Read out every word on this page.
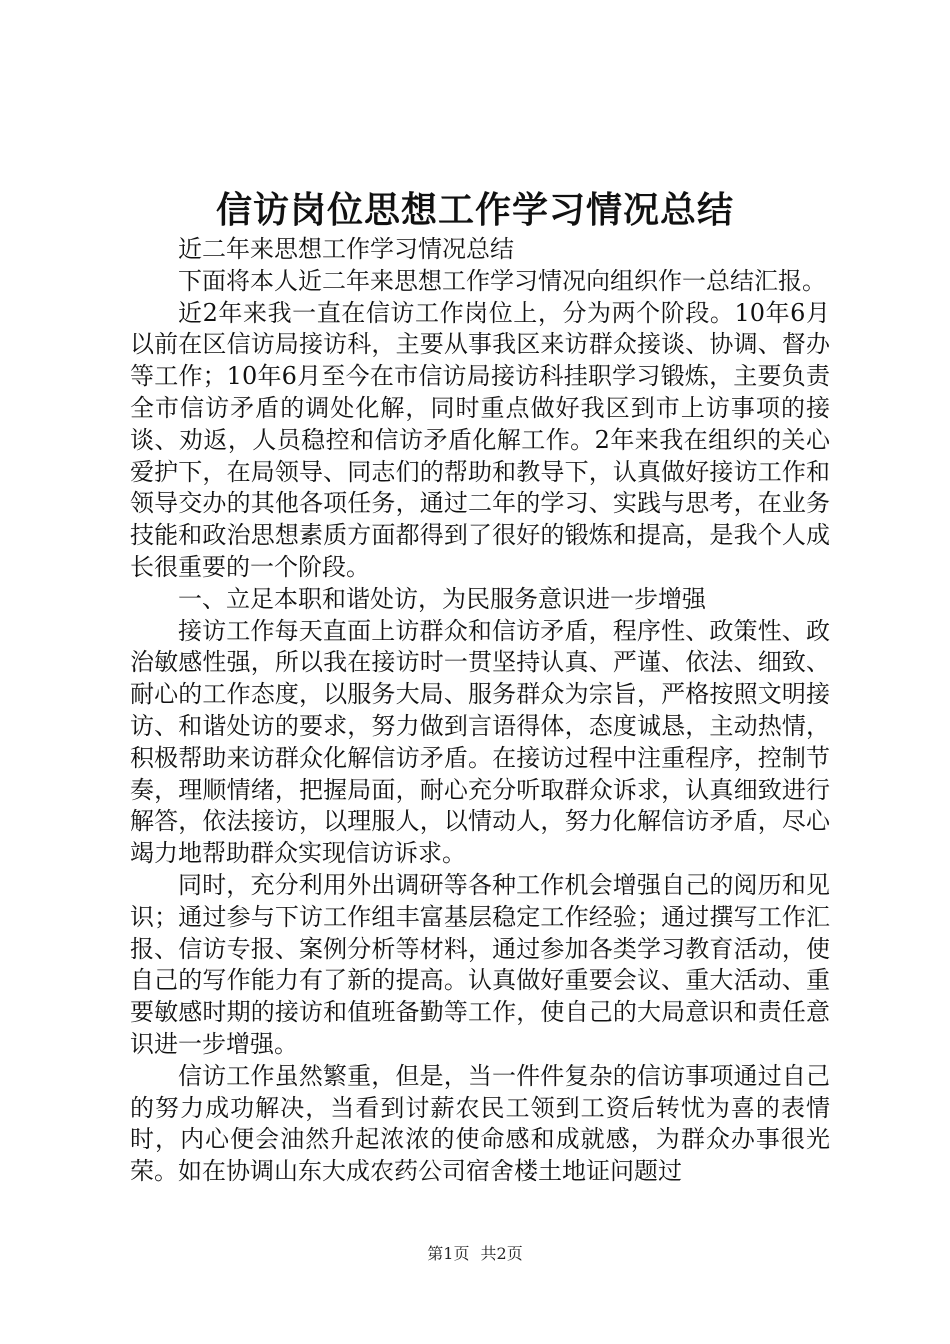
信访岗位思想工作学习情况总结

近二年来思想工作学习情况总结

下面将本人近二年来思想工作学习情况向组织作一总结汇报。

近2年来我一直在信访工作岗位上，分为两个阶段。10年6月以前在区信访局接访科，主要从事我区来访群众接谈、协调、督办等工作；10年6月至今在市信访局接访科挂职学习锻炼，主要负责全市信访矛盾的调处化解，同时重点做好我区到市上访事项的接谈、劝返，人员稳控和信访矛盾化解工作。2年来我在组织的关心爱护下，在局领导、同志们的帮助和教导下，认真做好接访工作和领导交办的其他各项任务，通过二年的学习、实践与思考，在业务技能和政治思想素质方面都得到了很好的锻炼和提高，是我个人成长很重要的一个阶段。

一、立足本职和谐处访，为民服务意识进一步增强

接访工作每天直面上访群众和信访矛盾，程序性、政策性、政治敏感性强，所以我在接访时一贯坚持认真、严谨、依法、细致、耐心的工作态度，以服务大局、服务群众为宗旨，严格按照文明接访、和谐处访的要求，努力做到言语得体，态度诚恳，主动热情，积极帮助来访群众化解信访矛盾。在接访过程中注重程序，控制节奏，理顺情绪，把握局面，耐心充分听取群众诉求，认真细致进行解答，依法接访，以理服人，以情动人，努力化解信访矛盾，尽心竭力地帮助群众实现信访诉求。

同时，充分利用外出调研等各种工作机会增强自己的阅历和见识；通过参与下访工作组丰富基层稳定工作经验；通过撰写工作汇报、信访专报、案例分析等材料，通过参加各类学习教育活动，使自己的写作能力有了新的提高。认真做好重要会议、重大活动、重要敏感时期的接访和值班备勤等工作，使自己的大局意识和责任意识进一步增强。

信访工作虽然繁重，但是，当一件件复杂的信访事项通过自己的努力成功解决，当看到讨薪农民工领到工资后转忧为喜的表情时，内心便会油然升起浓浓的使命感和成就感，为群众办事很光荣。如在协调山东大成农药公司宿舍楼土地证问题过

第1页 共2页
